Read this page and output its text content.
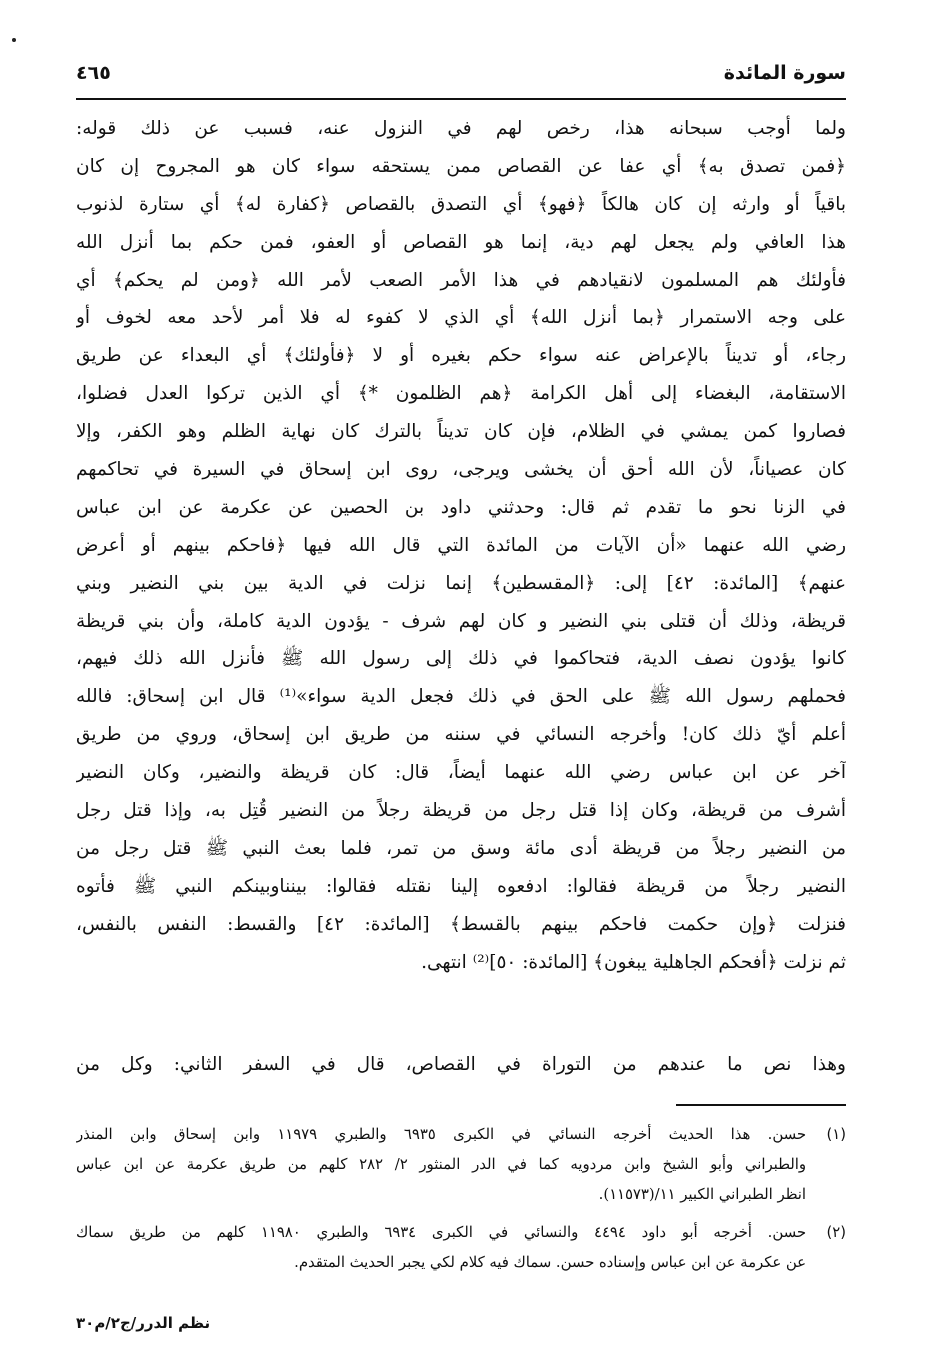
سورة المائدة
٤٦٥
ولما أوجب سبحانه هذا، رخص لهم في النزول عنه، فسبب عن ذلك قوله:
﴿فمن تصدق به﴾ أي عفا عن القصاص ممن يستحقه سواء كان هو المجروح إن كان
باقياً أو وارثه إن كان هالكاً ﴿فهو﴾ أي التصدق بالقصاص ﴿كفارة له﴾ أي ستارة لذنوب
هذا العافي ولم يجعل لهم دية، إنما هو القصاص أو العفو، فمن حكم بما أنزل الله
فأولئك هم المسلمون لانقيادهم في هذا الأمر الصعب لأمر الله ﴿ومن لم يحكم﴾ أي
على وجه الاستمرار ﴿بما أنزل الله﴾ أي الذي لا كفوء له فلا أمر لأحد معه لخوف أو
رجاء، أو تديناً بالإعراض عنه سواء حكم بغيره أو لا ﴿فأولئك﴾ أي البعداء عن طريق
الاستقامة، البغضاء إلى أهل الكرامة ﴿هم الظلمون *﴾ أي الذين تركوا العدل فضلوا،
فصاروا كمن يمشي في الظلام، فإن كان تديناً بالترك كان نهاية الظلم وهو الكفر، وإلا
كان عصياناً، لأن الله أحق أن يخشى ويرجى، روى ابن إسحاق في السيرة في تحاكمهم
في الزنا نحو ما تقدم ثم قال: وحدثني داود بن الحصين عن عكرمة عن ابن عباس
رضي الله عنهما «أن الآيات من المائدة التي قال الله فيها ﴿فاحكم بينهم أو أعرض
عنهم﴾ [المائدة: ٤٢] إلى: ﴿المقسطين﴾ إنما نزلت في الدية بين بني النضير وبني
قريظة، وذلك أن قتلى بني النضير و كان لهم شرف - يؤدون الدية كاملة، وأن بني قريظة
كانوا يؤدون نصف الدية، فتحاكموا في ذلك إلى رسول الله ﷺ فأنزل الله ذلك فيهم،
فحملهم رسول الله ﷺ على الحق في ذلك فجعل الدية سواء»⁽¹⁾ قال ابن إسحاق: فالله
أعلم أيّ ذلك كان! وأخرجه النسائي في سننه من طريق ابن إسحاق، وروي من طريق
آخر عن ابن عباس رضي الله عنهما أيضاً، قال: كان قريظة والنضير، وكان النضير
أشرف من قريظة، وكان إذا قتل رجل من قريظة رجلاً من النضير قُتِل به، وإذا قتل رجل
من النضير رجلاً من قريظة أدى مائة وسق من تمر، فلما بعث النبي ﷺ قتل رجل من
النضير رجلاً من قريظة فقالوا: ادفعوه إلينا نقتله فقالوا: بينناوبينكم النبي ﷺ فأتوه
فنزلت ﴿وإن حكمت فاحكم بينهم بالقسط﴾ [المائدة: ٤٢] والقسط: النفس بالنفس،
ثم نزلت ﴿أفحكم الجاهلية يبغون﴾ [المائدة: ٥٠]⁽²⁾ انتهى.
وهذا نص ما عندهم من التوراة في القصاص، قال في السفر الثاني: وكل من
(١)
حسن. هذا الحديث أخرجه النسائي في الكبرى ٦٩٣٥ والطبري ١١٩٧٩ وابن إسحاق وابن المنذر
والطبراني وأبو الشيخ وابن مردويه كما في الدر المنثور ٢/ ٢٨٢ كلهم من طريق عكرمة عن ابن عباس
انظر الطبراني الكبير ١١/(١١٥٧٣).
(٢)
حسن. أخرجه أبو داود ٤٤٩٤ والنسائي في الكبرى ٦٩٣٤ والطبري ١١٩٨٠ كلهم من طريق سماك
عن عكرمة عن ابن عباس وإسناده حسن. سماك فيه كلام لكي يجبر الحديث المتقدم.
نظم الدرر/ج٢/م٣٠
